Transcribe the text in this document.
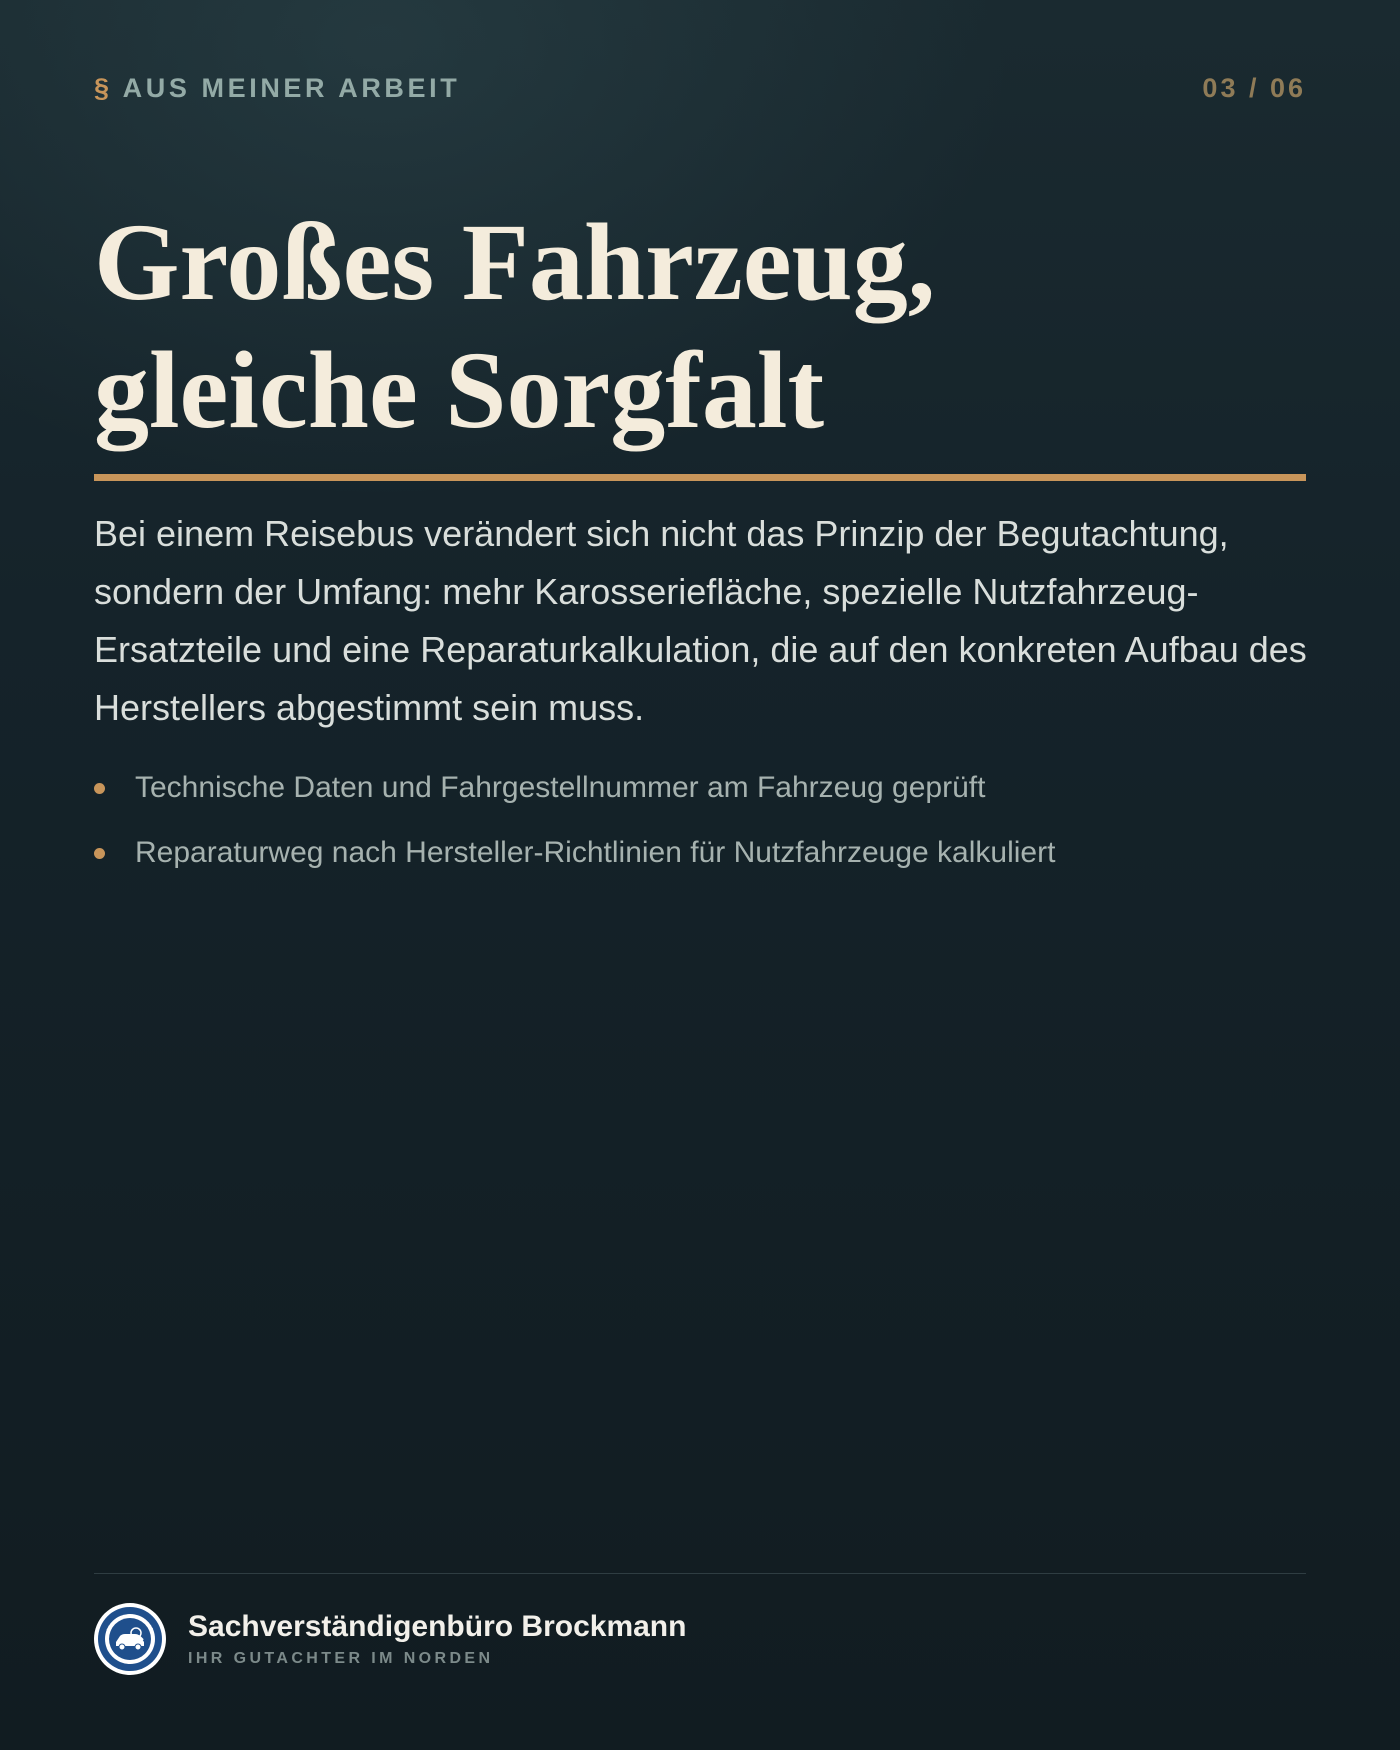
§ AUS MEINER ARBEIT	03 / 06
Großes Fahrzeug,
gleiche Sorgfalt

Bei einem Reisebus verändert sich nicht das Prinzip der Begutachtung, sondern der Umfang: mehr Karosseriefläche, spezielle Nutzfahrzeug-Ersatzteile und eine Reparaturkalkulation, die auf den konkreten Aufbau des Herstellers abgestimmt sein muss.

Technische Daten und Fahrgestellnummer am Fahrzeug geprüft
Reparaturweg nach Hersteller-Richtlinien für Nutzfahrzeuge kalkuliert
Sachverständigenbüro Brockmann
IHR GUTACHTER IM NORDEN
